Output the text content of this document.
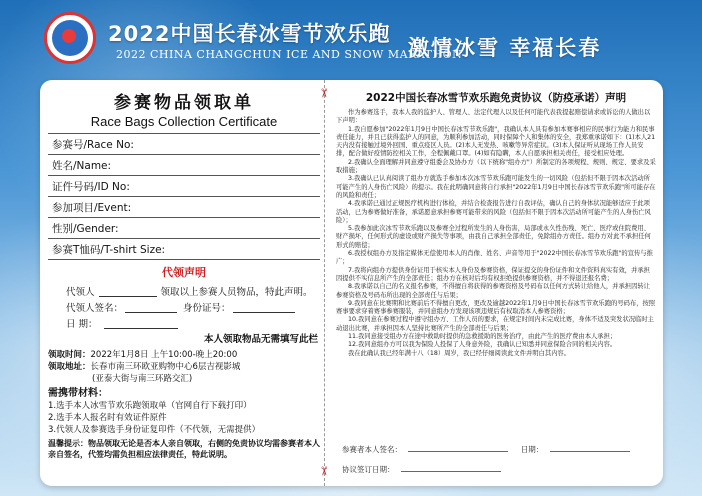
2022中国长春冰雪节欢乐跑
2022 CHINA CHANGCHUN ICE AND SNOW MARATHON
激情冰雪 幸福长春
参赛物品领取单
Race Bags Collection Certificate
参赛号/Race No:
姓名/Name:
证件号码/ID No:
参加项目/Event:
性别/Gender:
参赛T恤码/T-shirt Size:
代领声明
代领人	领取以上参赛人员物品，特此声明。
代领人签名：	身份证号：
日 期：
本人领取物品无需填写此栏
领取时间：2022年1月8日 上午10:00-晚上20:00
领取地址：长春市南三环欧亚购物中心6层吉视影城
(亚泰大街与南三环路交汇)
需携带材料：
1.选手本人冰雪节欢乐跑领取单（官网自行下载打印）
2.选手本人报名时有效证件原件
3.代领人及参赛选手身份证复印件（不代领，无需提供）
温馨提示：物品领取无论是否本人亲自领取，右侧的免责协议均需参赛者本人亲自签名，代签均需负担相应法律责任，特此说明。
✂
✂
2022中国长春冰雪节欢乐跑免责协议（防疫承诺）声明

作为参赛选手，我本人我的监护人、管理人、法定代理人以及任何可能代表我提起赔偿请求或诉讼的人做出以下声明：

1.我自愿参加"2022年1月9日中国长春冰雪节欢乐跑"，我确认本人具有参加本赛事相应的民事行为能力和民事责任能力，并且已获得监护人的同意，为顺利参加活动，同时保障个人和集体的安全，我郑重承诺如下：(1)本人21天内没有接触过境外回国、重点疫区人员。(2)本人无发热、咳嗽等异常症状。(3)本人保证听从现场工作人员安排，配合做好疫情防控相关工作，全程佩戴口罩。(4)如有隐瞒，本人自愿承担相关责任，接受相应处理。

2.我确认全面理解并同意遵守组委会及协办方（以下统称"组办方"）所制定的各项规程、规则、规定、要求及采取措施；

3.我确认已认真阅读了组办方就选手参加本次冰雪节欢乐跑可能发生的一切风险（包括但不限于因本次活动所可能产生的人身伤亡风险）的提示。我在此明确同意将自行承担"2022年1月9日中国长春冰雪节欢乐跑"所可能存在的风险和责任；

4.我承诺已通过正规医疗机构进行体检，并结合检查报告进行自我评估，确认自己的身体状况能够适应于此项活动，已为参赛做好准备，承诺愿意承担参赛可能带来的风险（包括但不限于因本次活动所可能产生的人身伤亡风险）；

5.我参加此次冰雪节欢乐跑以及参赛全过程所发生的人身伤害，局部或永久性伤残、死亡、医疗或住院费用、财产损坏，任何形式的虚设或财产损失等事项，由我自己承担全部责任，免除组办方责任。组办方对此不承担任何形式的赔偿；

6.我授权组办方及指定媒体无偿使用本人的肖像、姓名、声音等用于"2022中国长春冰雪节欢乐跑"的宣传与推广；

7.我将向组办方提供身份证用于核实本人身份及参赛资格，保证提交的身份证件和文件资料真实有效，并承担因提供不实信息所产生的全部责任；组办方在核对后均有权拒绝提供参赛资格，并不得退还报名费；

8.我承诺以自己的名义报名参赛，不得擅自将获得的参赛资格及号码布以任何方式转让给他人，并承担因转让参赛资格及号码布所出现的全部责任与后果；

9.我同意在比赛期和比赛前后不得擅自更改，更改及逾越2022年1月9日中国长春冰雪节欢乐跑的号码布，按照赛事要求穿着赛事参赛服装，并同意组办方发现该项违规后有权取消本人参赛资格；

10.我同意在参赛过程中遵守组办方、工作人员的要求，在规定时间内未完成比赛，身体不适及突发状况临时主动退出比赛，并承担因本人坚持比赛所产生的全部责任与后果；

11.我同意接受组办方在途中救助时提供的急救援助的医务治疗，由此产生的医疗费由本人承担；

12.我同意组办方可以我为保险人投保了人身意外险，我确认已知悉并同意保险合同的相关内容。

我在此确认我已经年满十八（18）周岁，我已经仔细阅读此文件并明白其内容。

参赛者本人签名：	日期：
协议签订日期：
